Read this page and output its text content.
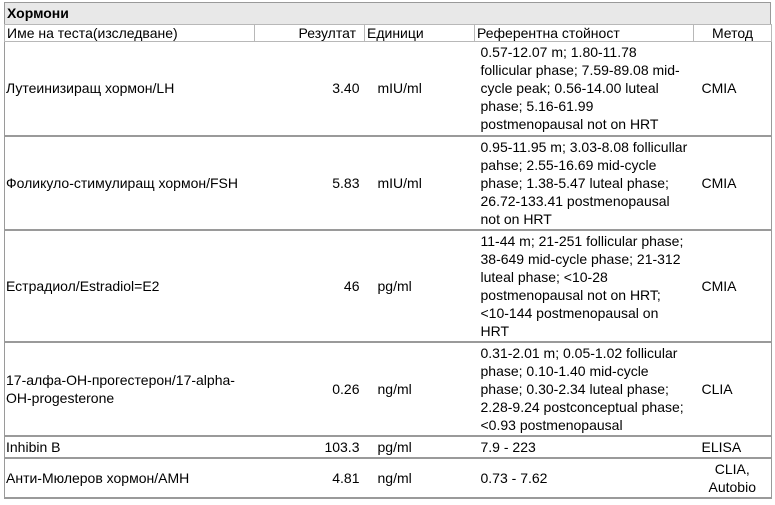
Хормони
Име на теста(изследване)	Резултат	Единици	Референтна стойност	Метод
Лутеинизиращ хормон/LH	3.40	mIU/ml	0.57-12.07 m; 1.80-11.78 follicular phase; 7.59-89.08 mid-cycle peak; 0.56-14.00 luteal phase; 5.16-61.99 postmenopausal not on HRT	CMIA
Фоликуло-стимулиращ хормон/FSH	5.83	mIU/ml	0.95-11.95 m; 3.03-8.08 follicullar pahse; 2.55-16.69 mid-cycle phase; 1.38-5.47 luteal phase; 26.72-133.41 postmenopausal not on HRT	CMIA
Естрадиол/Estradiol=E2	46	pg/ml	11-44 m; 21-251 follicular phase; 38-649 mid-cycle phase; 21-312 luteal phase; <10-28 postmenopausal not on HRT; <10-144 postmenopausal on HRT	CMIA
17-алфа-OH-прогестерон/17-alpha-OH-progesterone	0.26	ng/ml	0.31-2.01 m; 0.05-1.02 follicular phase; 0.10-1.40 mid-cycle phase; 0.30-2.34 luteal phase; 2.28-9.24 postconceptual phase; <0.93 postmenopausal	CLIA
Inhibin B	103.3	pg/ml	7.9 - 223	ELISA
Анти-Мюлеров хормон/AMH	4.81	ng/ml	0.73 - 7.62	CLIA, Autobio
